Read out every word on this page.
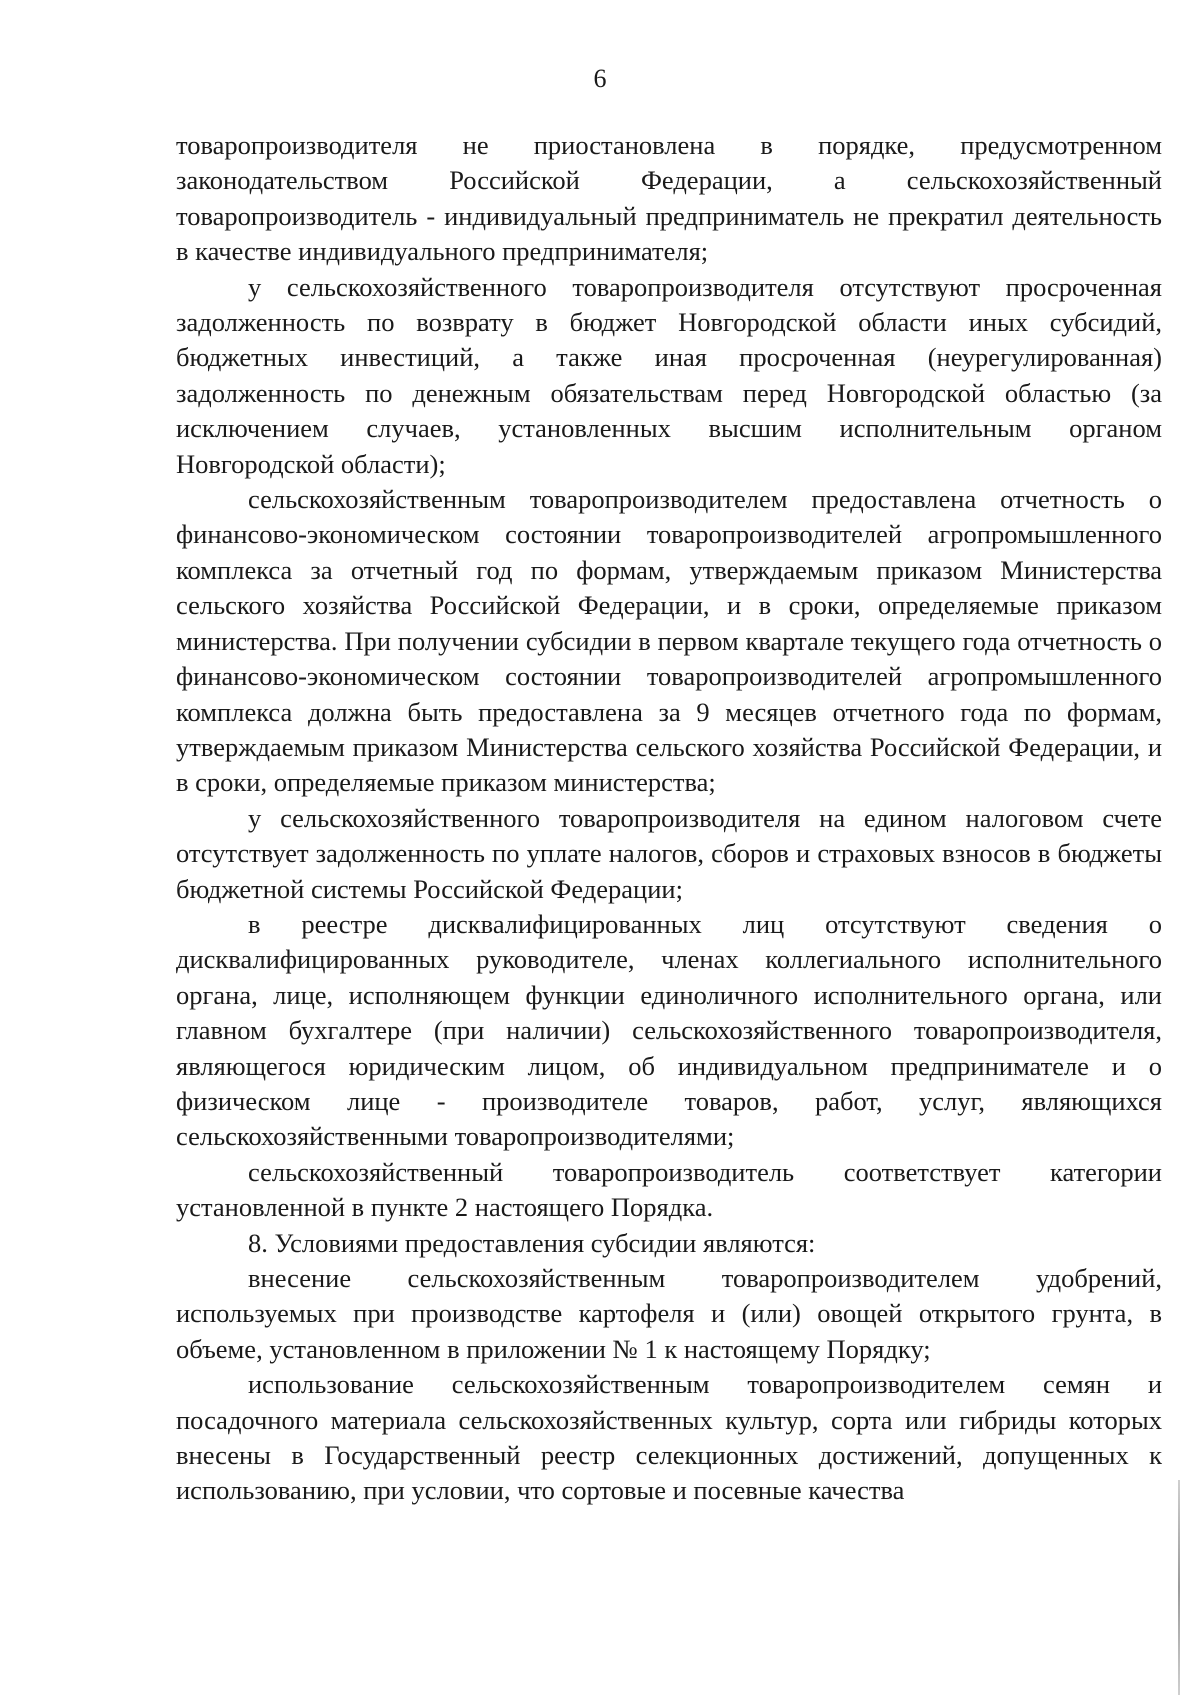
6

товаропроизводителя не приостановлена в порядке, предусмотренном законодательством Российской Федерации, а сельскохозяйственный товаропроизводитель - индивидуальный предприниматель не прекратил деятельность в качестве индивидуального предпринимателя;

у сельскохозяйственного товаропроизводителя отсутствуют просроченная задолженность по возврату в бюджет Новгородской области иных субсидий, бюджетных инвестиций, а также иная просроченная (неурегулированная) задолженность по денежным обязательствам перед Новгородской областью (за исключением случаев, установленных высшим исполнительным органом Новгородской области);

сельскохозяйственным товаропроизводителем предоставлена отчетность о финансово-экономическом состоянии товаропроизводителей агропромышленного комплекса за отчетный год по формам, утверждаемым приказом Министерства сельского хозяйства Российской Федерации, и в сроки, определяемые приказом министерства. При получении субсидии в первом квартале текущего года отчетность о финансово-экономическом состоянии товаропроизводителей агропромышленного комплекса должна быть предоставлена за 9 месяцев отчетного года по формам, утверждаемым приказом Министерства сельского хозяйства Российской Федерации, и в сроки, определяемые приказом министерства;

у сельскохозяйственного товаропроизводителя на едином налоговом счете отсутствует задолженность по уплате налогов, сборов и страховых взносов в бюджеты бюджетной системы Российской Федерации;

в реестре дисквалифицированных лиц отсутствуют сведения о дисквалифицированных руководителе, членах коллегиального исполнительного органа, лице, исполняющем функции единоличного исполнительного органа, или главном бухгалтере (при наличии) сельскохозяйственного товаропроизводителя, являющегося юридическим лицом, об индивидуальном предпринимателе и о физическом лице - производителе товаров, работ, услуг, являющихся сельскохозяйственными товаропроизводителями;

сельскохозяйственный товаропроизводитель соответствует категории установленной в пункте 2 настоящего Порядка.

8. Условиями предоставления субсидии являются:

внесение сельскохозяйственным товаропроизводителем удобрений, используемых при производстве картофеля и (или) овощей открытого грунта, в объеме, установленном в приложении № 1 к настоящему Порядку;

использование сельскохозяйственным товаропроизводителем семян и посадочного материала сельскохозяйственных культур, сорта или гибриды которых внесены в Государственный реестр селекционных достижений, допущенных к использованию, при условии, что сортовые и посевные качества
